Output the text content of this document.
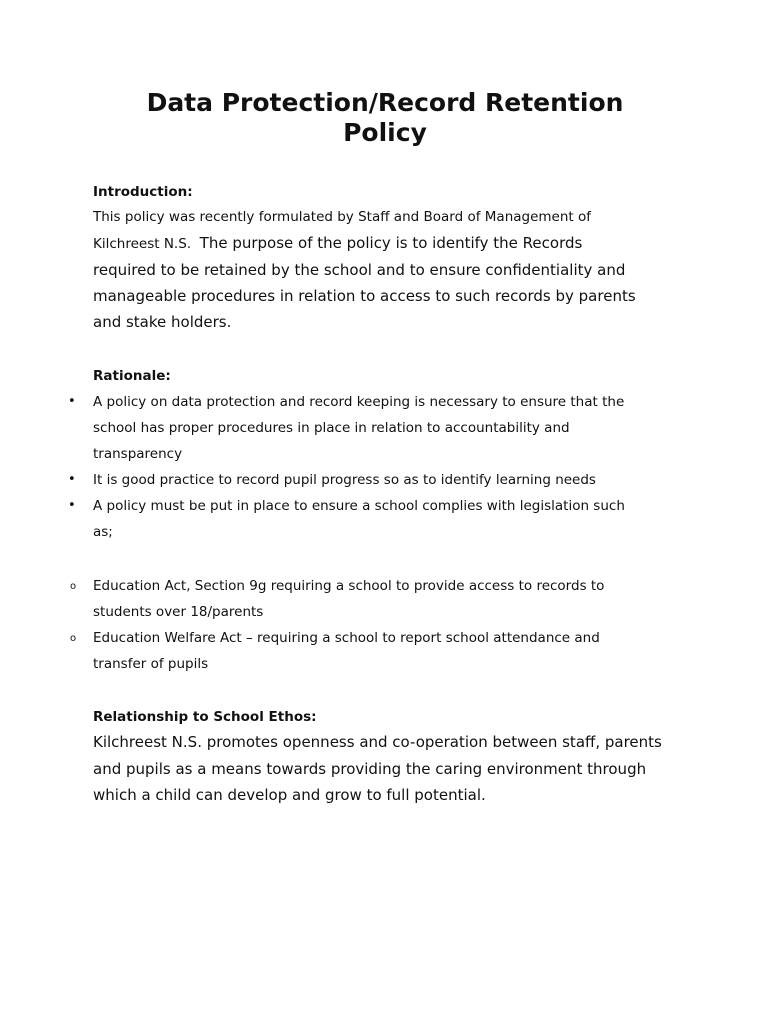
Data Protection/Record Retention
Policy
Introduction:
This policy was recently formulated by Staff and Board of Management of
Kilchreest N.S. The purpose of the policy is to identify the Records
required to be retained by the school and to ensure confidentiality and
manageable procedures in relation to access to such records by parents
and stake holders.
Rationale:
• A policy on data protection and record keeping is necessary to ensure that the
school has proper procedures in place in relation to accountability and
transparency
• It is good practice to record pupil progress so as to identify learning needs
• A policy must be put in place to ensure a school complies with legislation such
as;
o Education Act, Section 9g requiring a school to provide access to records to
students over 18/parents
o Education Welfare Act – requiring a school to report school attendance and
transfer of pupils
Relationship to School Ethos:
Kilchreest N.S. promotes openness and co-operation between staff, parents
and pupils as a means towards providing the caring environment through
which a child can develop and grow to full potential.
